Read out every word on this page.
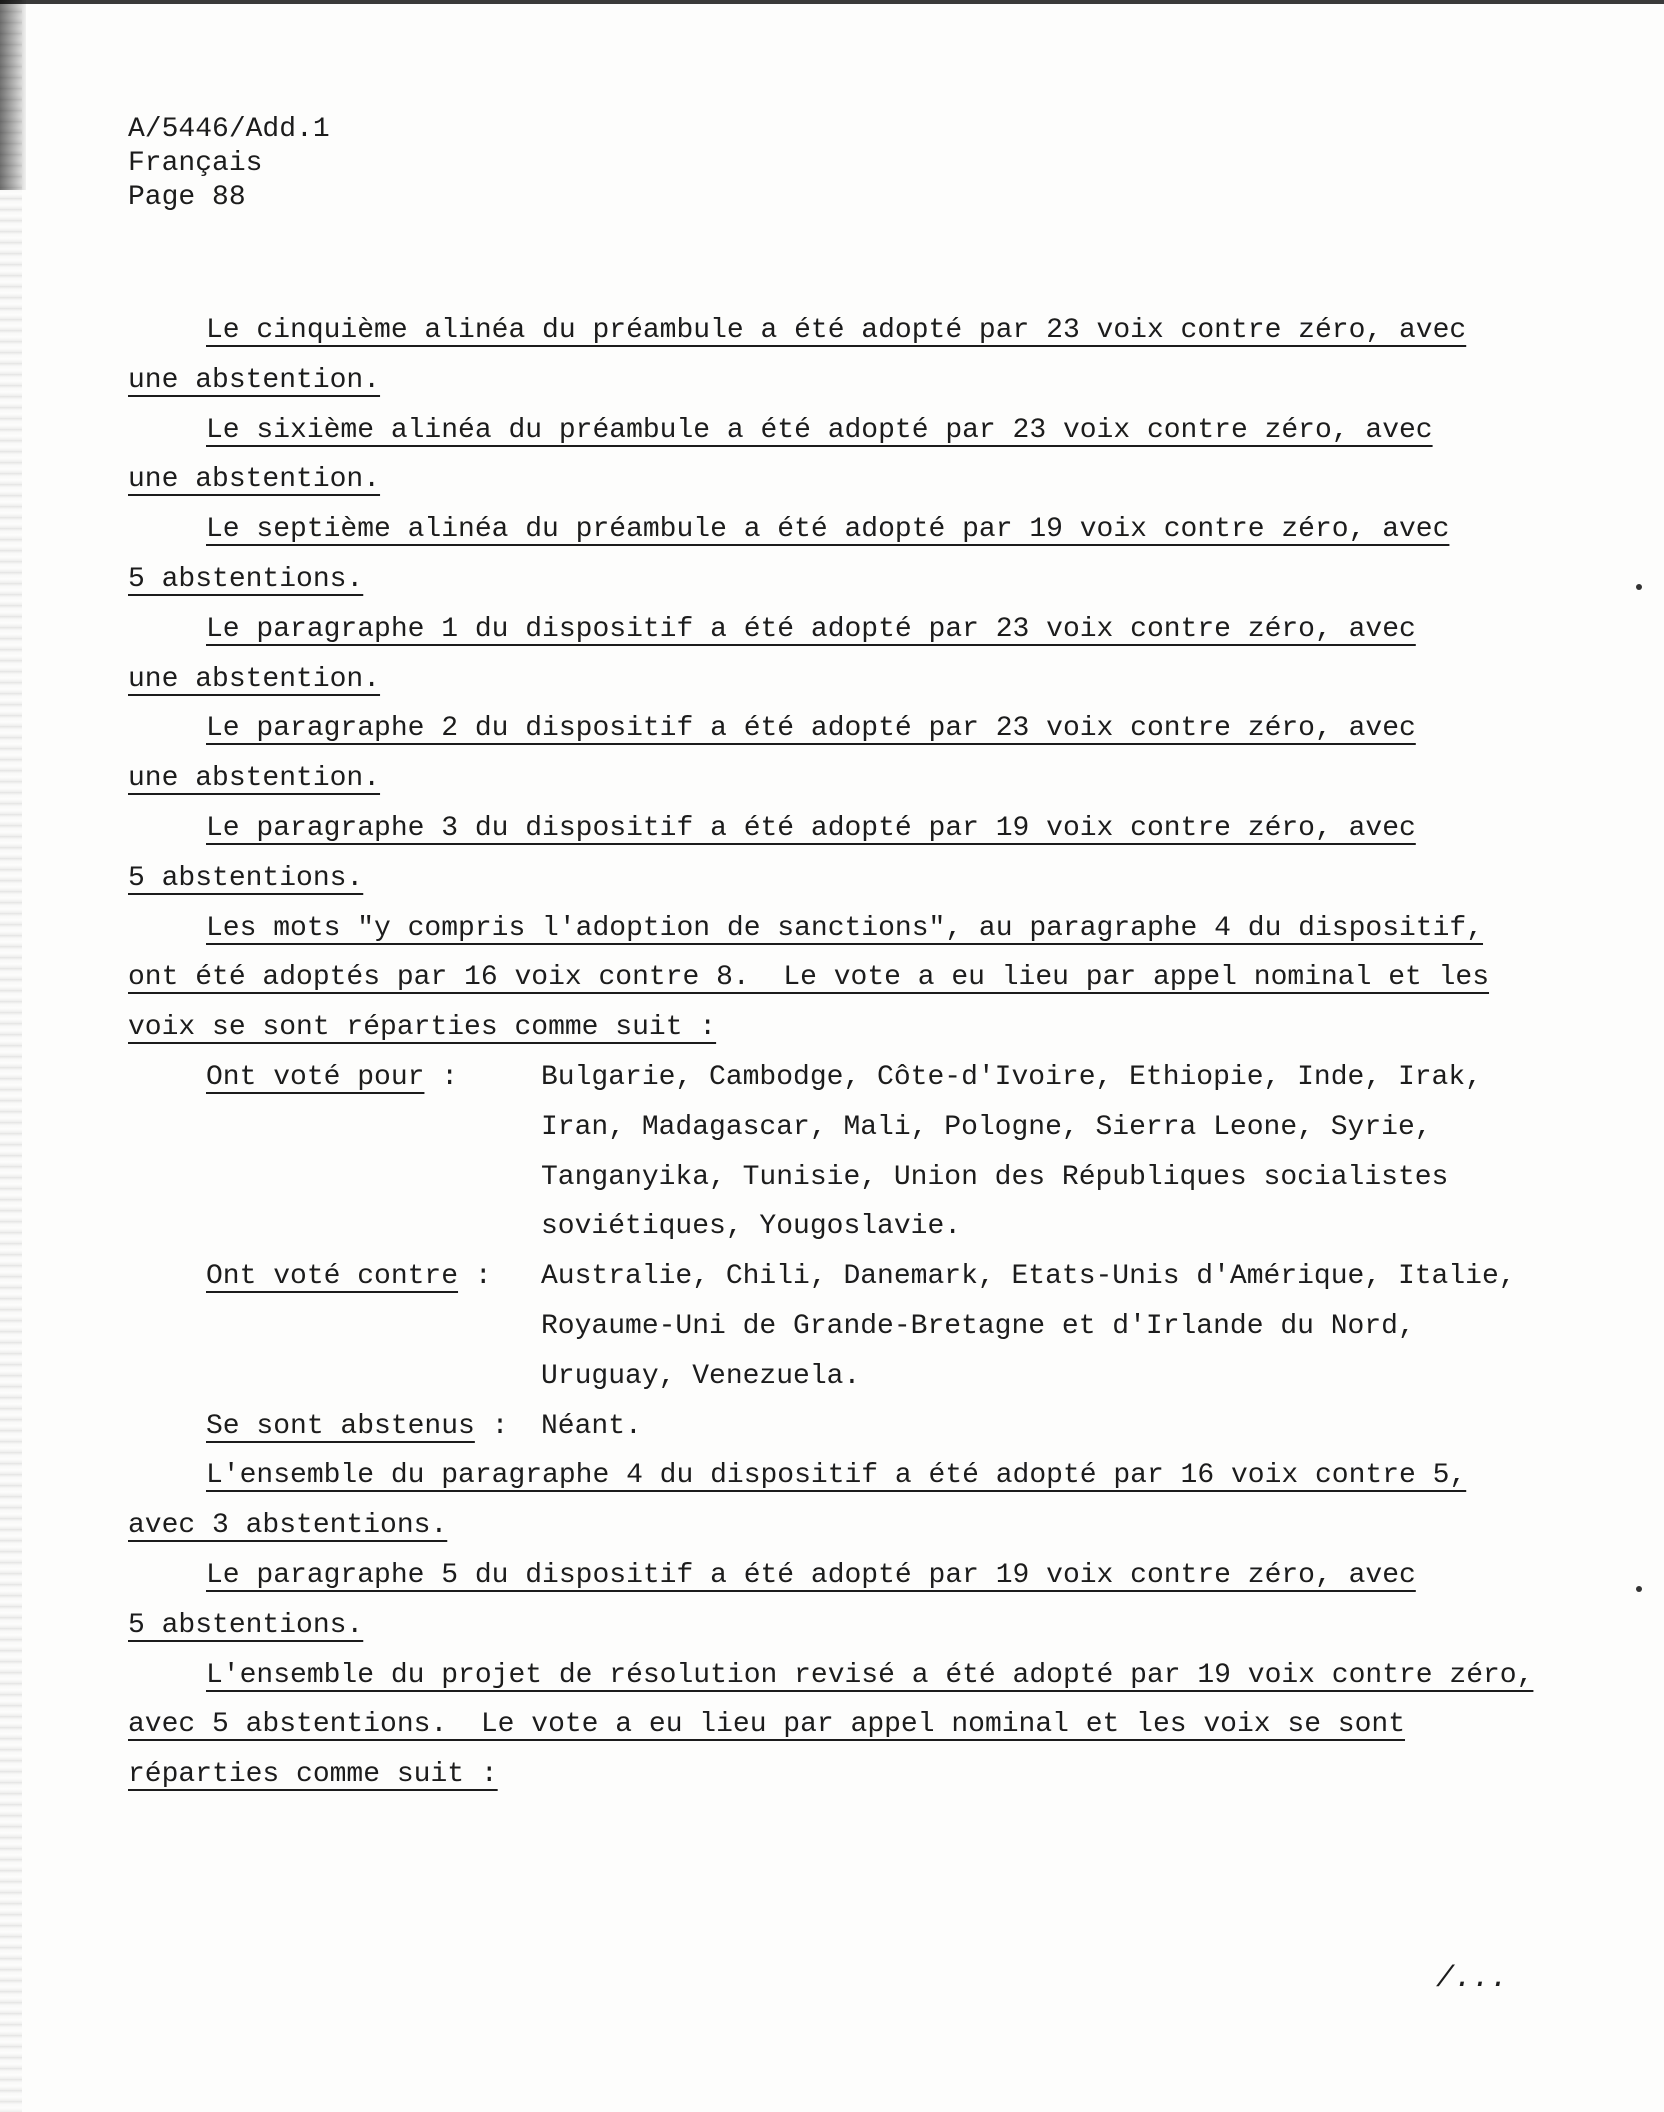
A/5446/Add.1
Français
Page 88
Le cinquième alinéa du préambule a été adopté par 23 voix contre zéro, avec
une abstention.
Le sixième alinéa du préambule a été adopté par 23 voix contre zéro, avec
une abstention.
Le septième alinéa du préambule a été adopté par 19 voix contre zéro, avec
5 abstentions.
Le paragraphe 1 du dispositif a été adopté par 23 voix contre zéro, avec
une abstention.
Le paragraphe 2 du dispositif a été adopté par 23 voix contre zéro, avec
une abstention.
Le paragraphe 3 du dispositif a été adopté par 19 voix contre zéro, avec
5 abstentions.
Les mots "y compris l'adoption de sanctions", au paragraphe 4 du dispositif,
ont été adoptés par 16 voix contre 8.  Le vote a eu lieu par appel nominal et les
voix se sont réparties comme suit :
Ont voté pour :	Bulgarie, Cambodge, Côte-d'Ivoire, Ethiopie, Inde, Irak, Iran, Madagascar, Mali, Pologne, Sierra Leone, Syrie, Tanganyika, Tunisie, Union des Républiques socialistes soviétiques, Yougoslavie.
Ont voté contre :	Australie, Chili, Danemark, Etats-Unis d'Amérique, Italie, Royaume-Uni de Grande-Bretagne et d'Irlande du Nord, Uruguay, Venezuela.
Se sont abstenus :	Néant.
L'ensemble du paragraphe 4 du dispositif a été adopté par 16 voix contre 5,
avec 3 abstentions.
Le paragraphe 5 du dispositif a été adopté par 19 voix contre zéro, avec
5 abstentions.
L'ensemble du projet de résolution revisé a été adopté par 19 voix contre zéro,
avec 5 abstentions.  Le vote a eu lieu par appel nominal et les voix se sont
réparties comme suit :
/...
